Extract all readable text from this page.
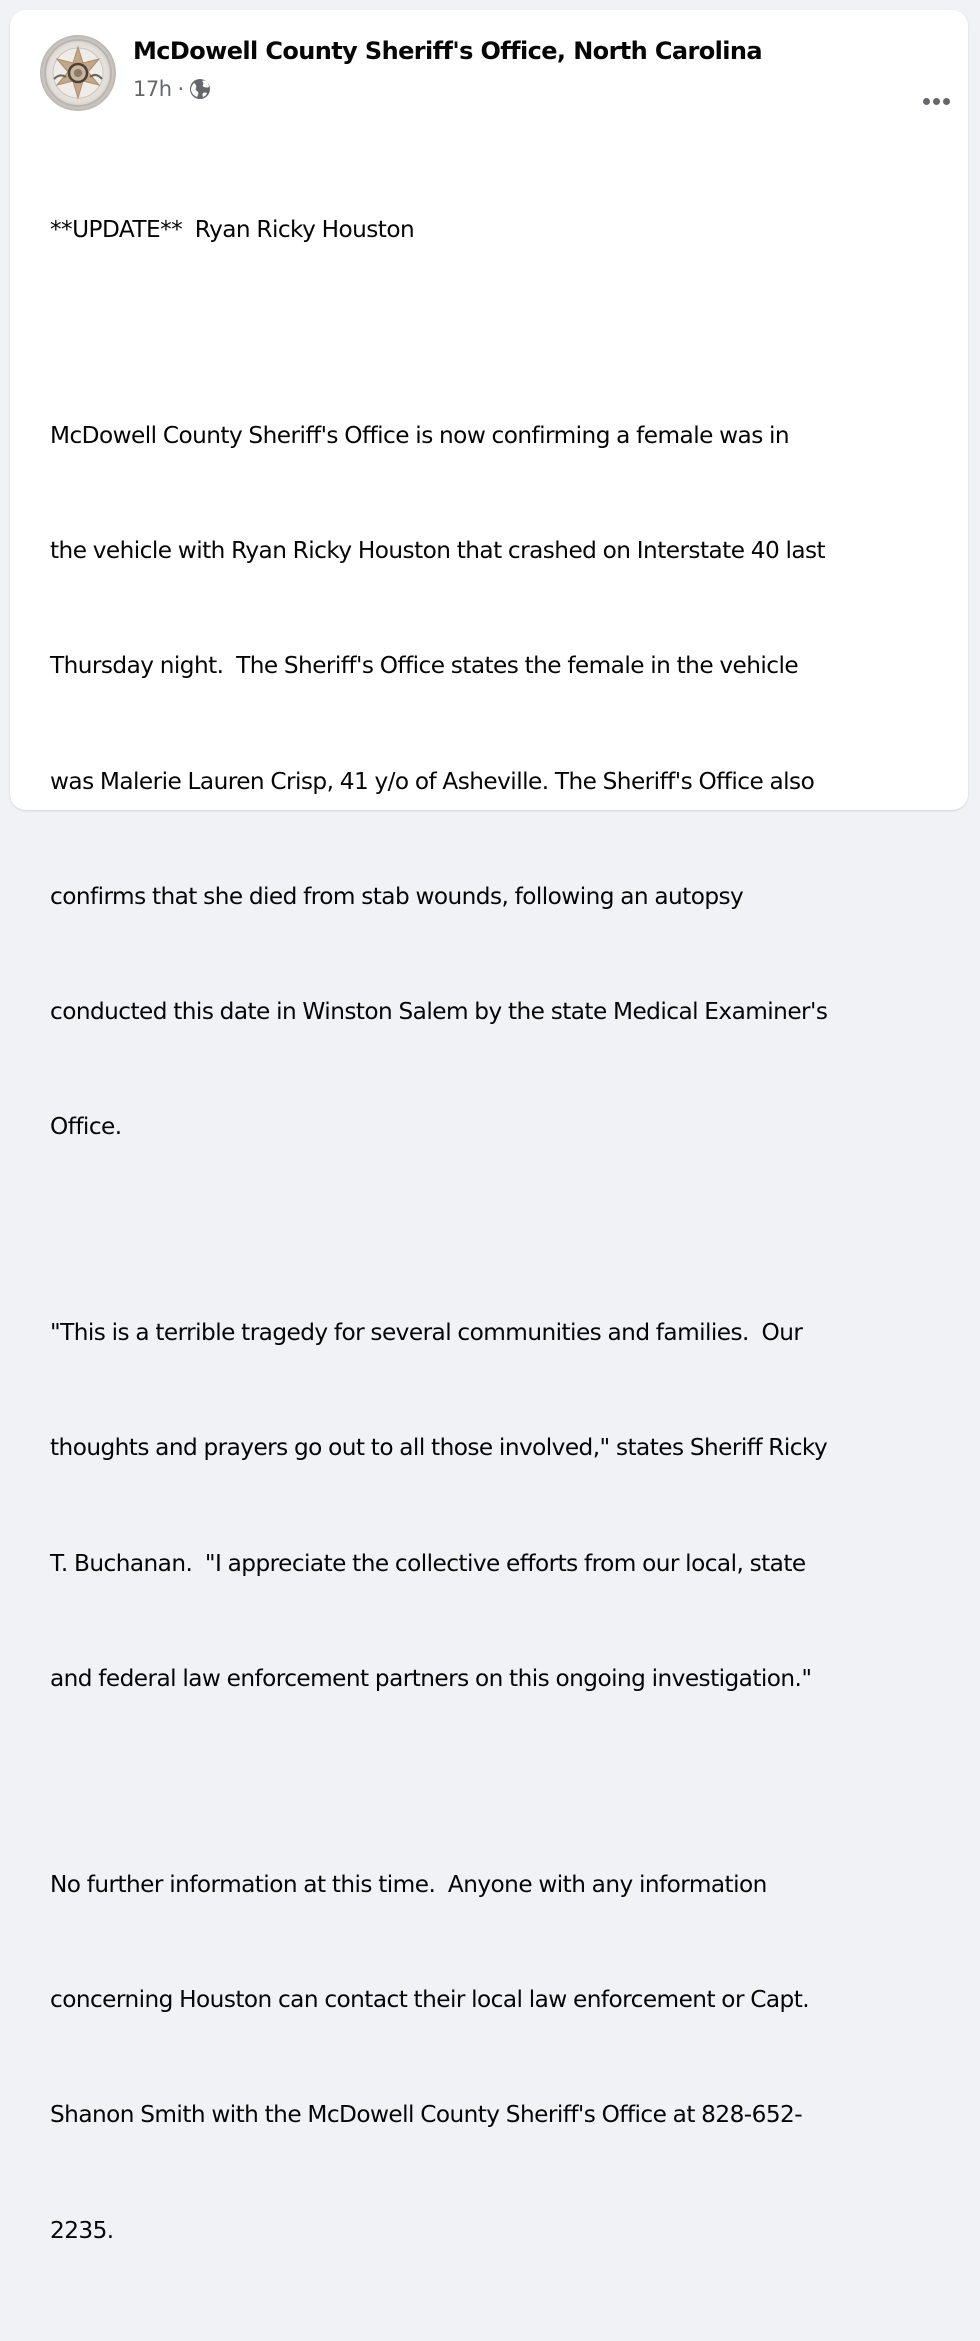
McDowell County Sheriff's Office, North Carolina
17h ·

**UPDATE**  Ryan Ricky Houston

McDowell County Sheriff's Office is now confirming a female was in

the vehicle with Ryan Ricky Houston that crashed on Interstate 40 last

Thursday night.  The Sheriff's Office states the female in the vehicle

was Malerie Lauren Crisp, 41 y/o of Asheville. The Sheriff's Office also

confirms that she died from stab wounds, following an autopsy

conducted this date in Winston Salem by the state Medical Examiner's

Office.

"This is a terrible tragedy for several communities and families.  Our

thoughts and prayers go out to all those involved," states Sheriff Ricky

T. Buchanan.  "I appreciate the collective efforts from our local, state

and federal law enforcement partners on this ongoing investigation."

No further information at this time.  Anyone with any information

concerning Houston can contact their local law enforcement or Capt.

Shanon Smith with the McDowell County Sheriff's Office at 828-652-

2235.
